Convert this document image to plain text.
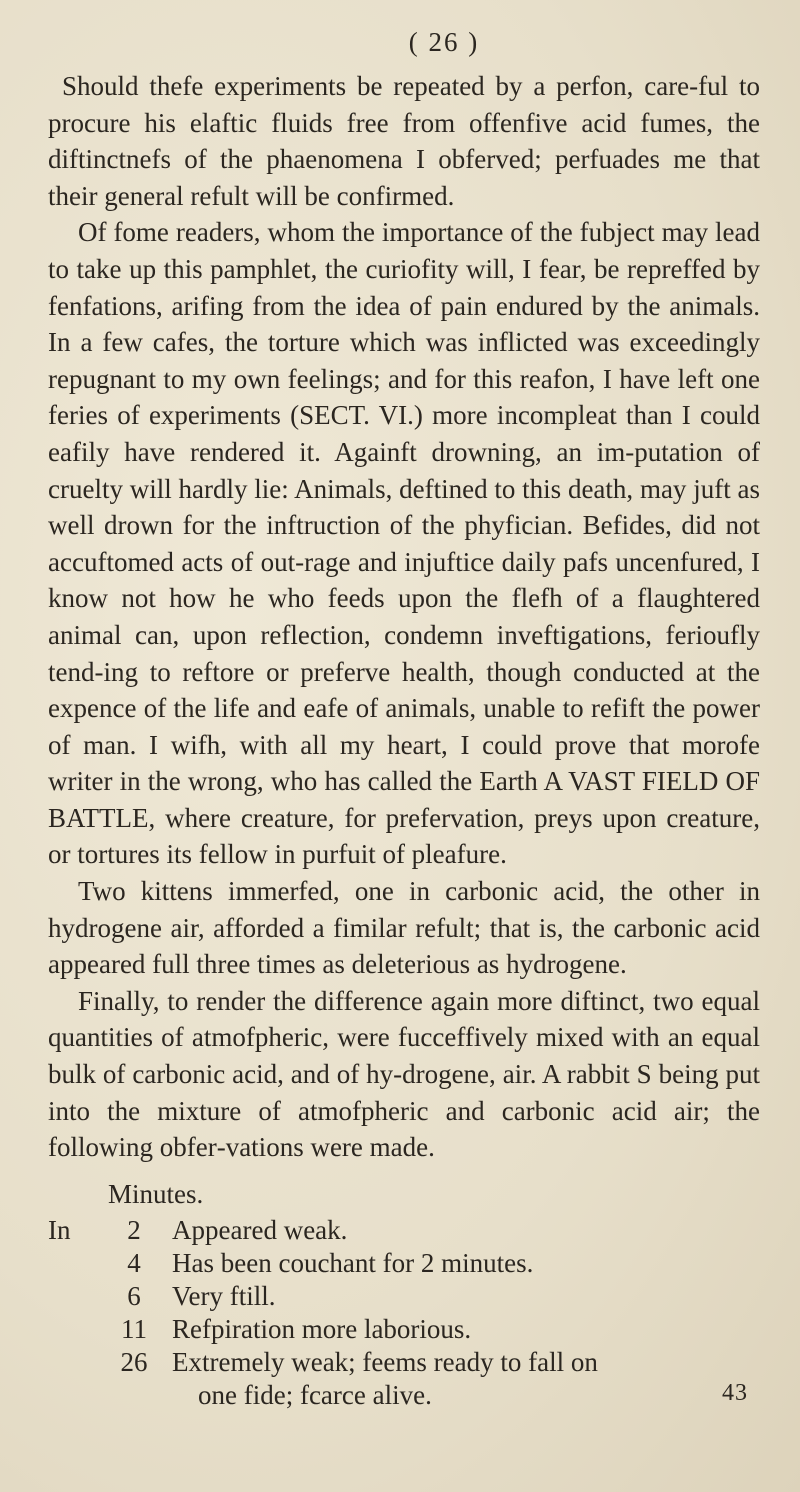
( 26 )

Should thefe experiments be repeated by a perfon, care‐ful to procure his elaftic fluids free from offenfive acid fumes, the diftinctnefs of the phaenomena I obferved; perfuades me that their general refult will be confirmed.

Of fome readers, whom the importance of the fubject may lead to take up this pamphlet, the curiofity will, I fear, be repreffed by fenfations, arifing from the idea of pain endured by the animals. In a few cafes, the torture which was inflicted was exceedingly repugnant to my own feelings; and for this reafon, I have left one feries of experiments (SECT. VI.) more incompleat than I could eafily have rendered it. Againft drowning, an im‐putation of cruelty will hardly lie: Animals, deftined to this death, may juft as well drown for the inftruction of the phyfician. Befides, did not accuftomed acts of out‐rage and injuftice daily pafs uncenfured, I know not how he who feeds upon the flefh of a flaughtered animal can, upon reflection, condemn inveftigations, ferioufly tend‐ing to reftore or preferve health, though conducted at the expence of the life and eafe of animals, unable to refift the power of man. I wifh, with all my heart, I could prove that morofe writer in the wrong, who has called the Earth A VAST FIELD OF BATTLE, where creature, for prefervation, preys upon creature, or tortures its fellow in purfuit of pleafure.

Two kittens immerfed, one in carbonic acid, the other in hydrogene air, afforded a fimilar refult; that is, the carbonic acid appeared full three times as deleterious as hydrogene.

Finally, to render the difference again more diftinct, two equal quantities of atmofpheric, were fucceffively mixed with an equal bulk of carbonic acid, and of hy‐drogene, air. A rabbit S being put into the mixture of atmofpheric and carbonic acid air; the following obfer‐vations were made.

Minutes.
In	2	Appeared weak.
4	Has been couchant for 2 minutes.
6	Very ftill.
11 Refpiration more laborious.
26 Extremely weak; feems ready to fall on
one fide; fcarce alive.	43
